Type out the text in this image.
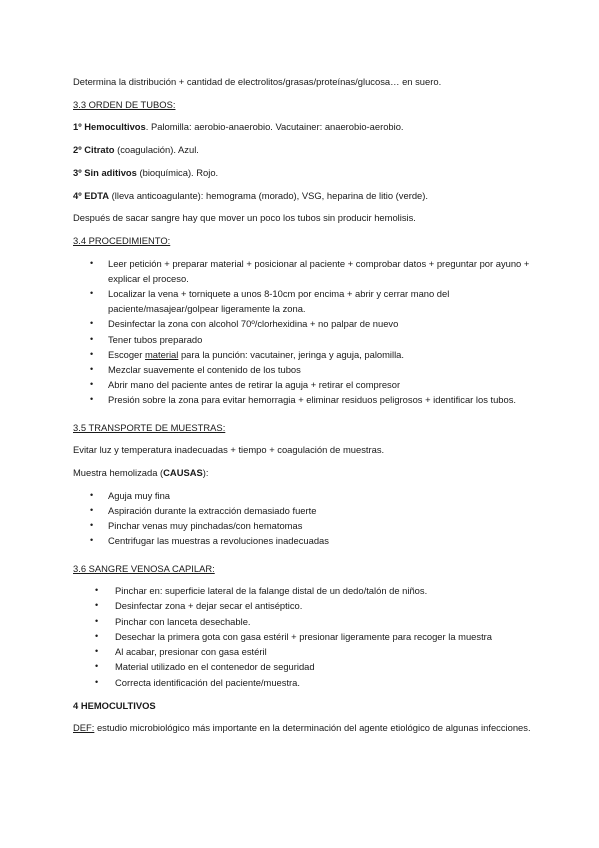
Determina la distribución + cantidad de electrolitos/grasas/proteínas/glucosa… en suero.

3.3 ORDEN DE TUBOS:

1º Hemocultivos. Palomilla: aerobio-anaerobio. Vacutainer: anaerobio-aerobio.

2º Citrato (coagulación). Azul.

3º Sin aditivos (bioquímica). Rojo.

4º EDTA (lleva anticoagulante): hemograma (morado), VSG, heparina de litio (verde).

Después de sacar sangre hay que mover un poco los tubos sin producir hemolisis.

3.4 PROCEDIMIENTO:

• Leer petición + preparar material + posicionar al paciente + comprobar datos + preguntar por ayuno + explicar el proceso.
• Localizar la vena + torniquete a unos 8-10cm por encima + abrir y cerrar mano del paciente/masajear/golpear ligeramente la zona.
• Desinfectar la zona con alcohol 70º/clorhexidina + no palpar de nuevo
• Tener tubos preparado
• Escoger material para la punción: vacutainer, jeringa y aguja, palomilla.
• Mezclar suavemente el contenido de los tubos
• Abrir mano del paciente antes de retirar la aguja + retirar el compresor
• Presión sobre la zona para evitar hemorragia + eliminar residuos peligrosos + identificar los tubos.

3.5 TRANSPORTE DE MUESTRAS:

Evitar luz y temperatura inadecuadas + tiempo + coagulación de muestras.

Muestra hemolizada (CAUSAS):

• Aguja muy fina
• Aspiración durante la extracción demasiado fuerte
• Pinchar venas muy pinchadas/con hematomas
• Centrifugar las muestras a revoluciones inadecuadas

3.6 SANGRE VENOSA CAPILAR:

• Pinchar en: superficie lateral de la falange distal de un dedo/talón de niños.
• Desinfectar zona + dejar secar el antiséptico.
• Pinchar con lanceta desechable.
• Desechar la primera gota con gasa estéril + presionar ligeramente para recoger la muestra
• Al acabar, presionar con gasa estéril
• Material utilizado en el contenedor de seguridad
• Correcta identificación del paciente/muestra.

4 HEMOCULTIVOS

DEF: estudio microbiológico más importante en la determinación del agente etiológico de algunas infecciones.
